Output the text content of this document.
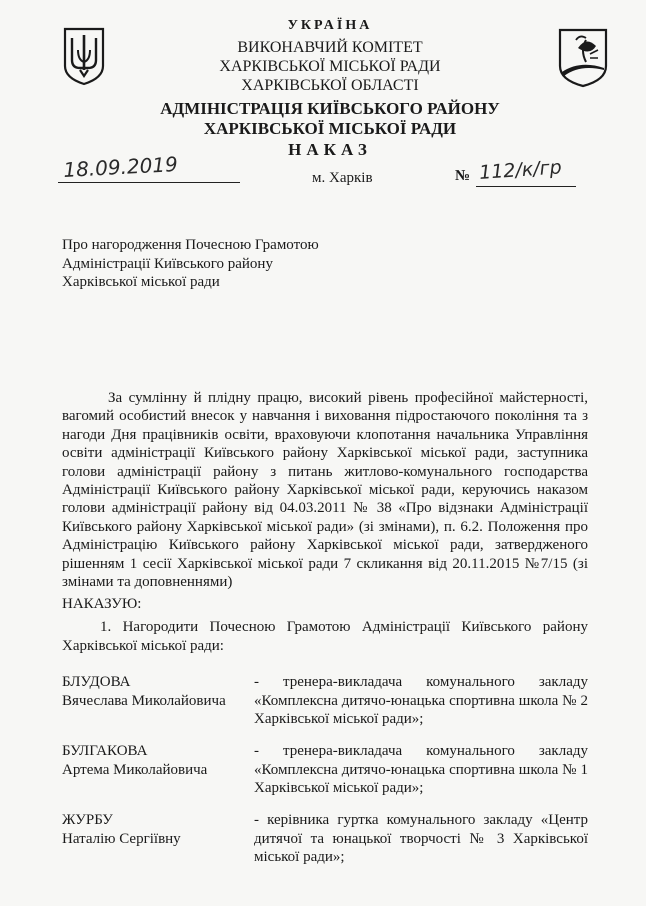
УКРАЇНА
ВИКОНАВЧИЙ КОМІТЕТ
ХАРКІВСЬКОЇ МІСЬКОЇ РАДИ
ХАРКІВСЬКОЇ ОБЛАСТІ
АДМІНІСТРАЦІЯ КИЇВСЬКОГО РАЙОНУ
ХАРКІВСЬКОЇ МІСЬКОЇ РАДИ
НАКАЗ
18.09.2019	м. Харків	№ 112/к/гр
Про нагородження Почесною Грамотою Адміністрації Київського району Харківської міської ради
За сумлінну й плідну працю, високий рівень професійної майстерності, вагомий особистий внесок у навчання і виховання підростаючого покоління та з нагоди Дня працівників освіти, враховуючи клопотання начальника Управління освіти адміністрації Київського району Харківської міської ради, заступника голови адміністрації району з питань житлово-комунального господарства Адміністрації Київського району Харківської міської ради, керуючись наказом голови адміністрації району від 04.03.2011 № 38 «Про відзнаки Адміністрації Київського району Харківської міської ради» (зі змінами), п. 6.2. Положення про Адміністрацію Київського району Харківської міської ради, затвердженого рішенням 1 сесії Харківської міської ради 7 скликання від 20.11.2015 №7/15 (зі змінами та доповненнями)
НАКАЗУЮ:
1. Нагородити Почесною Грамотою Адміністрації Київського району Харківської міської ради:
БЛУДОВА
Вячеслава Миколайовича
- тренера-викладача комунального закладу «Комплексна дитячо-юнацька спортивна школа № 2 Харківської міської ради»;
БУЛГАКОВА
Артема Миколайовича
- тренера-викладача комунального закладу «Комплексна дитячо-юнацька спортивна школа № 1 Харківської міської ради»;
ЖУРБУ
Наталію Сергіївну
- керівника гуртка комунального закладу «Центр дитячої та юнацької творчості № 3 Харківської міської ради»;
